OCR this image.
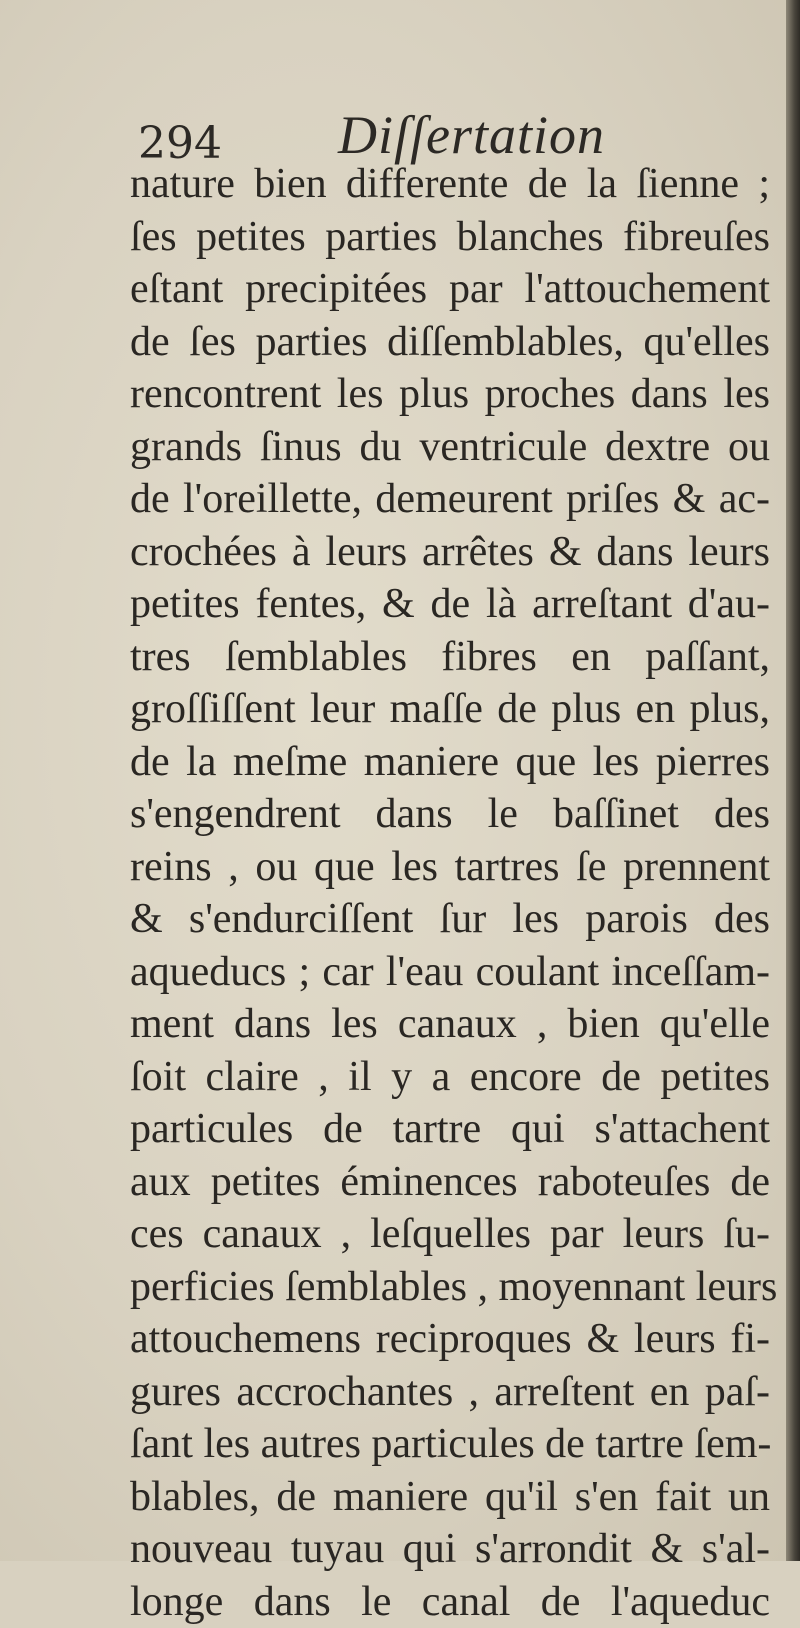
294 Diſſertation
nature bien differente de la ſienne ;
ſes petites parties blanches fibreuſes
eſtant precipitées par l'attouchement
de ſes parties diſſemblables, qu'elles
rencontrent les plus proches dans les
grands ſinus du ventricule dextre ou
de l'oreillette, demeurent priſes & ac-
crochées à leurs arrêtes & dans leurs
petites fentes, & de là arreſtant d'au-
tres ſemblables fibres en paſſant,
groſſiſſent leur maſſe de plus en plus,
de la meſme maniere que les pierres
s'engendrent dans le baſſinet des
reins , ou que les tartres ſe prennent
& s'endurciſſent ſur les parois des
aqueducs ; car l'eau coulant inceſſam-
ment dans les canaux , bien qu'elle
ſoit claire , il y a encore de petites
particules de tartre qui s'attachent
aux petites éminences raboteuſes de
ces canaux , leſquelles par leurs ſu-
perficies ſemblables , moyennant leurs
attouchemens reciproques & leurs fi-
gures accrochantes , arreſtent en paſ-
ſant les autres particules de tartre ſem-
blables, de maniere qu'il s'en fait un
nouveau tuyau qui s'arrondit & s'al-
longe dans le canal de l'aqueduc
